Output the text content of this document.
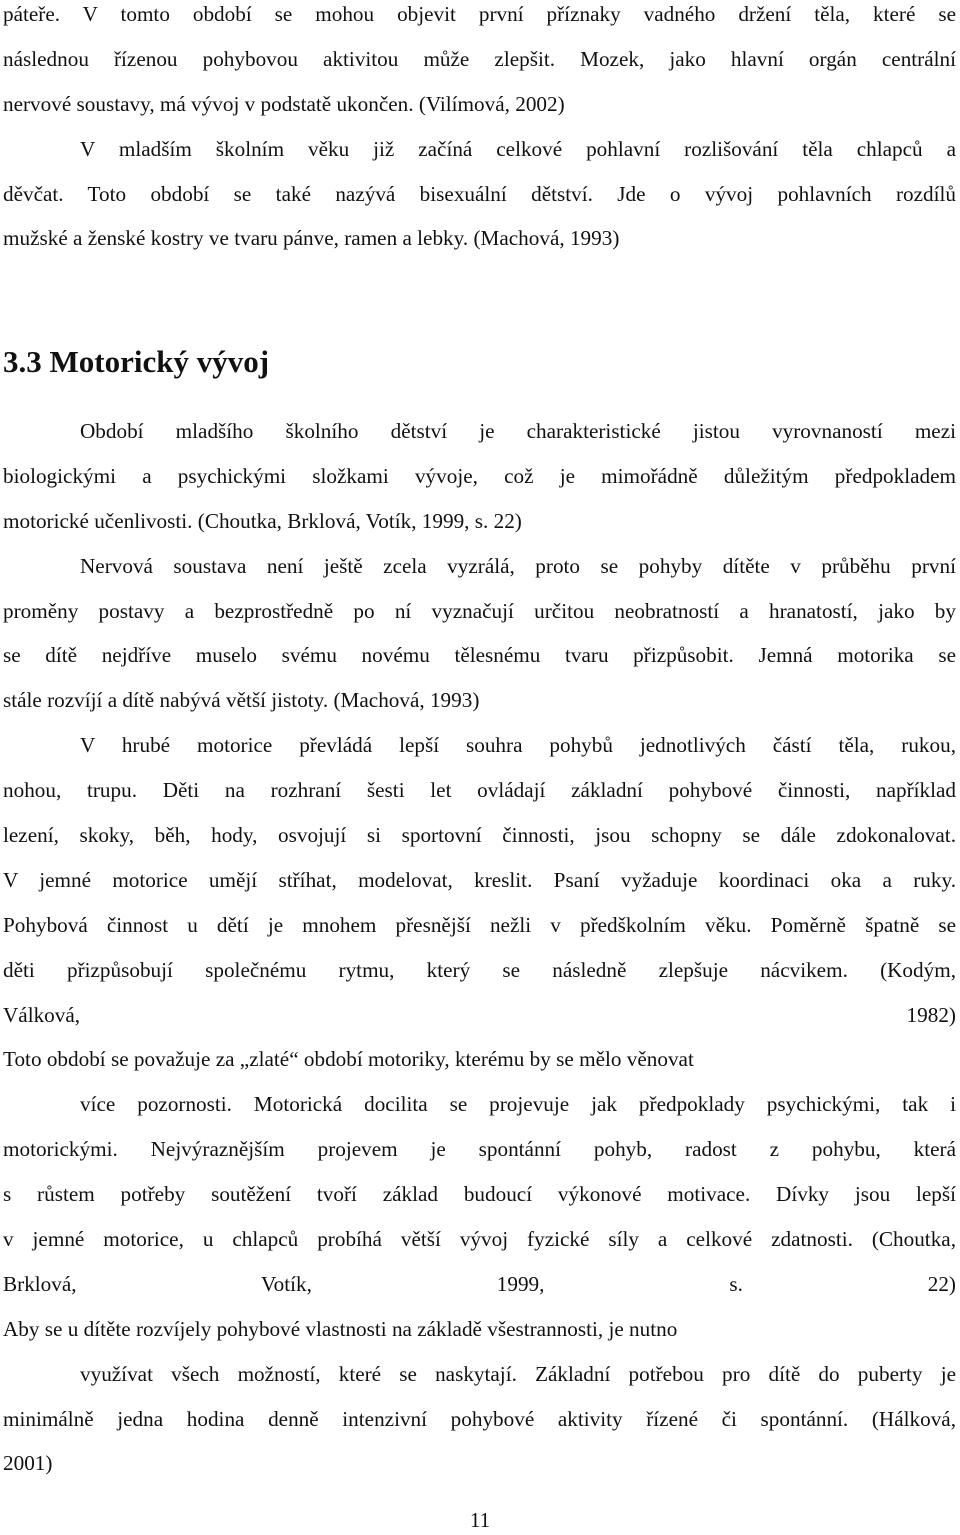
páteře. V tomto období se mohou objevit první příznaky vadného držení těla, které se
následnou řízenou pohybovou aktivitou může zlepšit. Mozek, jako hlavní orgán centrální
nervové soustavy, má vývoj v podstatě ukončen. (Vilímová, 2002)
V mladším školním věku již začíná celkové pohlavní rozlišování těla chlapců a
děvčat. Toto období se také nazývá bisexuální dětství. Jde o vývoj pohlavních rozdílů
mužské a ženské kostry ve tvaru pánve, ramen a lebky. (Machová, 1993)
3.3 Motorický vývoj
Období mladšího školního dětství je charakteristické jistou vyrovnaností mezi
biologickými a psychickými složkami vývoje, což je mimořádně důležitým předpokladem
motorické učenlivosti. (Choutka, Brklová, Votík, 1999, s. 22)
Nervová soustava není ještě zcela vyzrálá, proto se pohyby dítěte v průběhu první
proměny postavy a bezprostředně po ní vyznačují určitou neobratností a hranatostí, jako by
se dítě nejdříve muselo svému novému tělesnému tvaru přizpůsobit. Jemná motorika se
stále rozvíjí a dítě nabývá větší jistoty. (Machová, 1993)
V hrubé motorice převládá lepší souhra pohybů jednotlivých částí těla, rukou,
nohou, trupu. Děti na rozhraní šesti let ovládají základní pohybové činnosti, například
lezení, skoky, běh, hody, osvojují si sportovní činnosti, jsou schopny se dále zdokonalovat.
V jemné motorice umějí stříhat, modelovat, kreslit. Psaní vyžaduje koordinaci oka a ruky.
Pohybová činnost u dětí je mnohem přesnější nežli v předškolním věku. Poměrně špatně se
děti přizpůsobují společnému rytmu, který se následně zlepšuje nácvikem. (Kodým,
Válková, 1982)
Toto období se považuje za „zlaté“ období motoriky, kterému by se mělo věnovat
více pozornosti. Motorická docilita se projevuje jak předpoklady psychickými, tak i
motorickými. Nejvýraznějším projevem je spontánní pohyb, radost z pohybu, která
s růstem potřeby soutěžení tvoří základ budoucí výkonové motivace. Dívky jsou lepší
v jemné motorice, u chlapců probíhá větší vývoj fyzické síly a celkové zdatnosti. (Choutka,
Brklová, Votík, 1999, s. 22)
Aby se u dítěte rozvíjely pohybové vlastnosti na základě všestrannosti, je nutno
využívat všech možností, které se naskytají. Základní potřebou pro dítě do puberty je
minimálně jedna hodina denně intenzivní pohybové aktivity řízené či spontánní. (Hálková,
2001)
11
